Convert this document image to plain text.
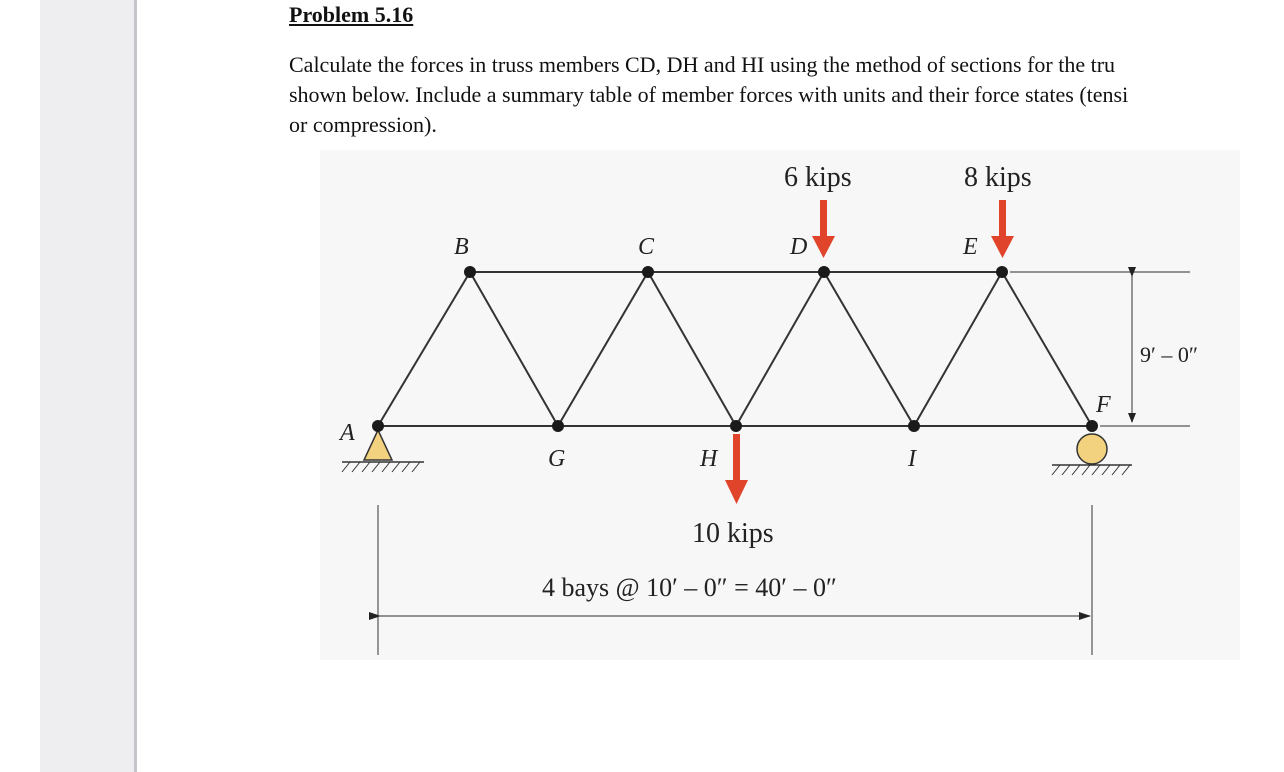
Problem 5.16
Calculate the forces in truss members CD, DH and HI using the method of sections for the tru
shown below. Include a summary table of member forces with units and their force states (tensi
or compression).
A
B	C	D	E
F
G	H	I
6 kips	8 kips
10 kips
9′ – 0″
4 bays @ 10′ – 0″ = 40′ – 0″
